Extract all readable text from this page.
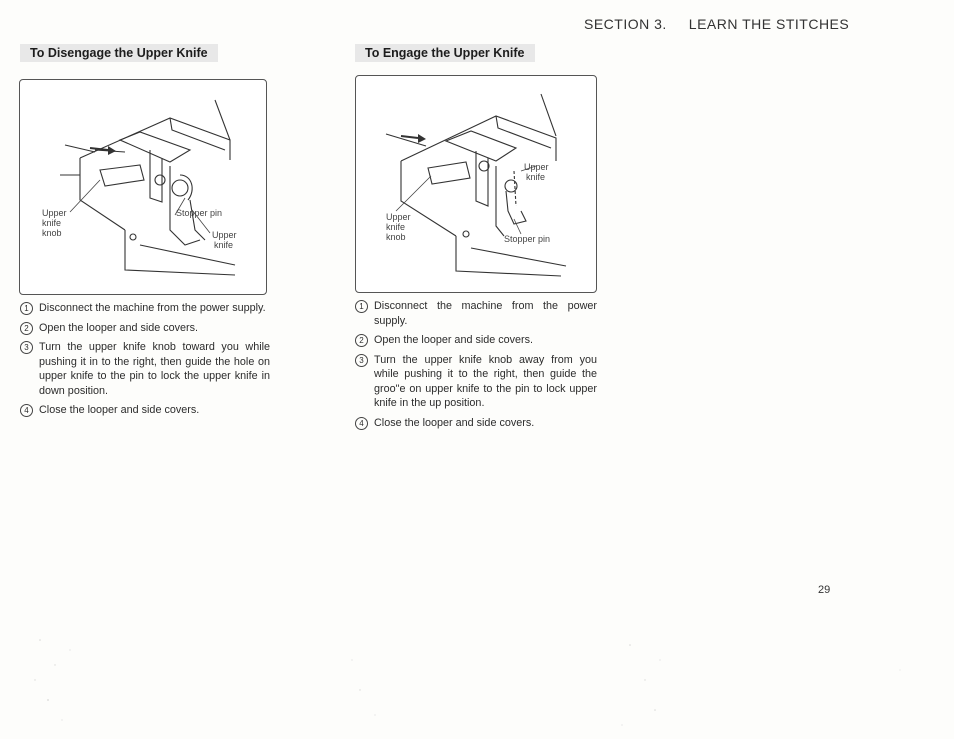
SECTION 3. LEARN THE STITCHES
To Disengage the Upper Knife
Upper
knife
knob
Stopper pin
Upper
knife
1 Disconnect the machine from the power supply.
2 Open the looper and side covers.
3 Turn the upper knife knob toward you while pushing it in to the right, then guide the hole on upper knife to the pin to lock the upper knife in down position.
4 Close the looper and side covers.
To Engage the Upper Knife
Upper
knife
Upper
knife
knob	Stopper pin
1 Disconnect the machine from the power supply.
2 Open the looper and side covers.
3 Turn the upper knife knob away from you while pushing it to the right, then guide the groo"e on upper knife to the pin to lock upper knife in the up position.
4 Close the looper and side covers.
29
